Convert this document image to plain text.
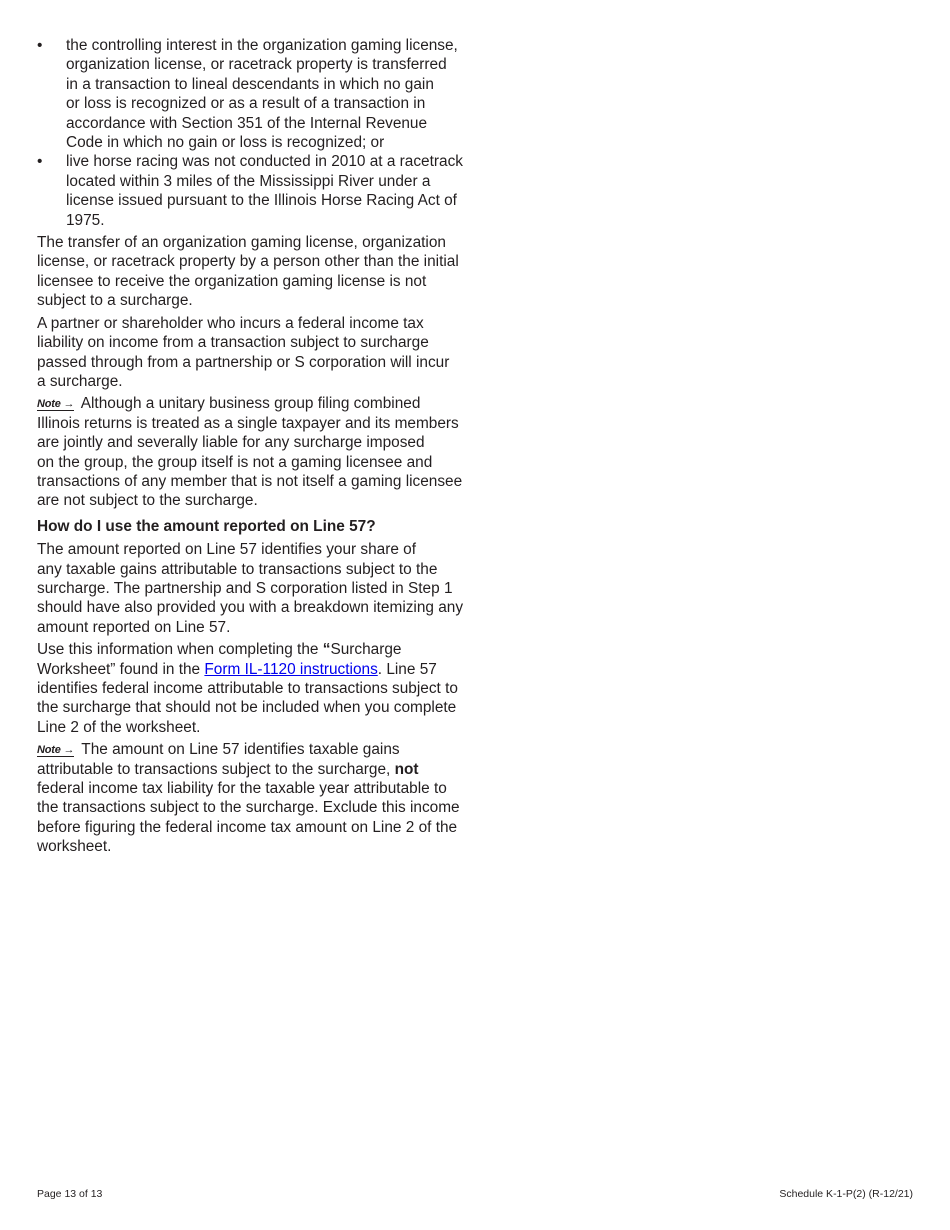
• the controlling interest in the organization gaming license,
organization license, or racetrack property is transferred
in a transaction to lineal descendants in which no gain
or loss is recognized or as a result of a transaction in
accordance with Section 351 of the Internal Revenue
Code in which no gain or loss is recognized; or
• live horse racing was not conducted in 2010 at a racetrack
located within 3 miles of the Mississippi River under a
license issued pursuant to the Illinois Horse Racing Act of
1975.
The transfer of an organization gaming license, organization
license, or racetrack property by a person other than the initial
licensee to receive the organization gaming license is not
subject to a surcharge.
A partner or shareholder who incurs a federal income tax
liability on income from a transaction subject to surcharge
passed through from a partnership or S corporation will incur
a surcharge.
Note → Although a unitary business group filing combined
Illinois returns is treated as a single taxpayer and its members
are jointly and severally liable for any surcharge imposed
on the group, the group itself is not a gaming licensee and
transactions of any member that is not itself a gaming licensee
are not subject to the surcharge.
How do I use the amount reported on Line 57?
The amount reported on Line 57 identifies your share of
any taxable gains attributable to transactions subject to the
surcharge. The partnership and S corporation listed in Step 1
should have also provided you with a breakdown itemizing any
amount reported on Line 57.
Use this information when completing the “Surcharge
Worksheet” found in the Form IL-1120 instructions. Line 57
identifies federal income attributable to transactions subject to
the surcharge that should not be included when you complete
Line 2 of the worksheet.
Note → The amount on Line 57 identifies taxable gains
attributable to transactions subject to the surcharge, not
federal income tax liability for the taxable year attributable to
the transactions subject to the surcharge. Exclude this income
before figuring the federal income tax amount on Line 2 of the
worksheet.
Page 13 of 13	Schedule K-1-P(2) (R-12/21)
